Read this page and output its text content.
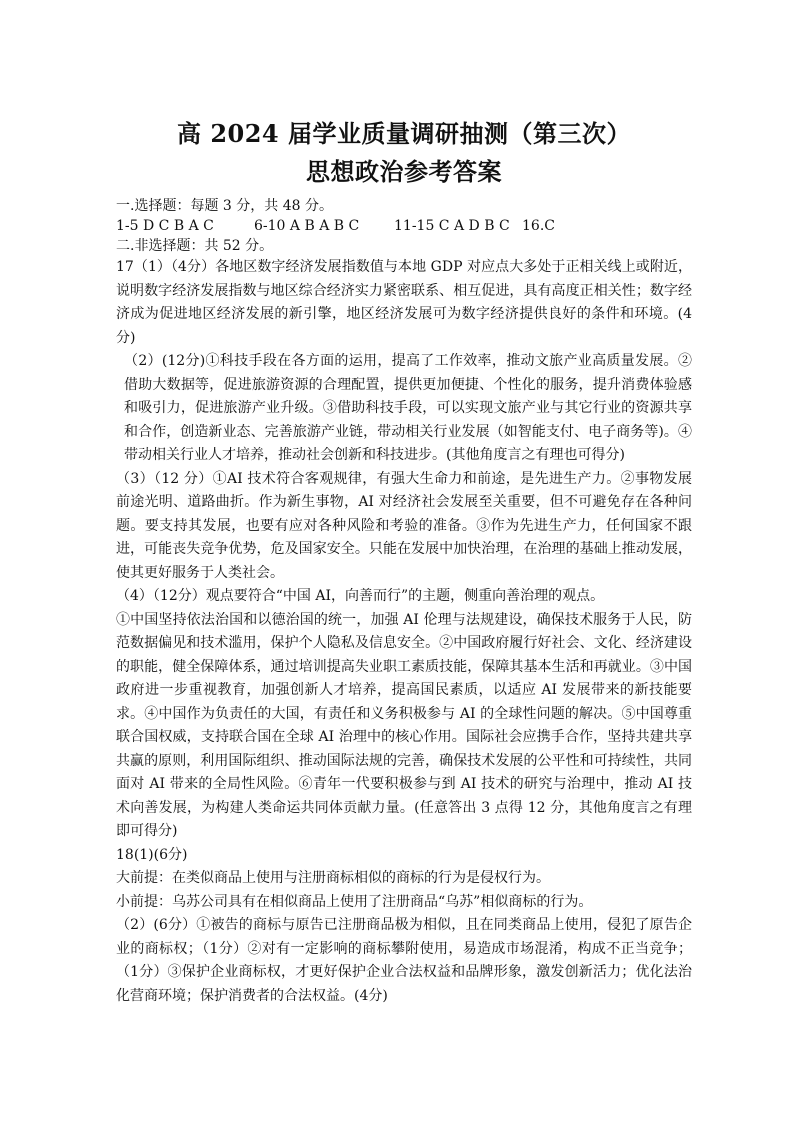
高 2024 届学业质量调研抽测（第三次）
思想政治参考答案

一.选择题：每题 3 分，共 48 分。

1-5 D C B A C	6-10 A B A B C	11-15 C A D B C 16.C

二.非选择题：共 52 分。

17（1）（4分）各地区数字经济发展指数值与本地 GDP 对应点大多处于正相关线上或附近，说明数字经济发展指数与地区综合经济实力紧密联系、相互促进，具有高度正相关性；数字经济成为促进地区经济发展的新引擎，地区经济发展可为数字经济提供良好的条件和环境。(4分)

（2）(12分)①科技手段在各方面的运用，提高了工作效率，推动文旅产业高质量发展。②借助大数据等，促进旅游资源的合理配置，提供更加便捷、个性化的服务，提升消费体验感和吸引力，促进旅游产业升级。③借助科技手段，可以实现文旅产业与其它行业的资源共享和合作，创造新业态、完善旅游产业链，带动相关行业发展（如智能支付、电子商务等)。④带动相关行业人才培养，推动社会创新和科技进步。(其他角度言之有理也可得分)

（3）（12 分）①AI 技术符合客观规律，有强大生命力和前途，是先进生产力。②事物发展前途光明、道路曲折。作为新生事物，AI 对经济社会发展至关重要，但不可避免存在各种问题。要支持其发展，也要有应对各种风险和考验的准备。③作为先进生产力，任何国家不跟进，可能丧失竞争优势，危及国家安全。只能在发展中加快治理，在治理的基础上推动发展，使其更好服务于人类社会。

（4）（12分）观点要符合“中国 AI，向善而行”的主题，侧重向善治理的观点。

①中国坚持依法治国和以德治国的统一，加强 AI 伦理与法规建设，确保技术服务于人民，防范数据偏见和技术滥用，保护个人隐私及信息安全。②中国政府履行好社会、文化、经济建设的职能，健全保障体系，通过培训提高失业职工素质技能，保障其基本生活和再就业。③中国政府进一步重视教育，加强创新人才培养，提高国民素质，以适应 AI 发展带来的新技能要求。④中国作为负责任的大国，有责任和义务积极参与 AI 的全球性问题的解决。⑤中国尊重联合国权威，支持联合国在全球 AI 治理中的核心作用。国际社会应携手合作，坚持共建共享共赢的原则，利用国际组织、推动国际法规的完善，确保技术发展的公平性和可持续性，共同面对 AI 带来的全局性风险。⑥青年一代要积极参与到 AI 技术的研究与治理中，推动 AI 技术向善发展，为构建人类命运共同体贡献力量。(任意答出 3 点得 12 分，其他角度言之有理即可得分)

18(1)(6分)

大前提：在类似商品上使用与注册商标相似的商标的行为是侵权行为。

小前提：乌苏公司具有在相似商品上使用了注册商品“乌苏”相似商标的行为。

（2）(6分）①被告的商标与原告已注册商品极为相似，且在同类商品上使用，侵犯了原告企业的商标权；（1分）②对有一定影响的商标攀附使用，易造成市场混淆，构成不正当竞争；（1分）③保护企业商标权，才更好保护企业合法权益和品牌形象，激发创新活力；优化法治化营商环境；保护消费者的合法权益。(4分)
